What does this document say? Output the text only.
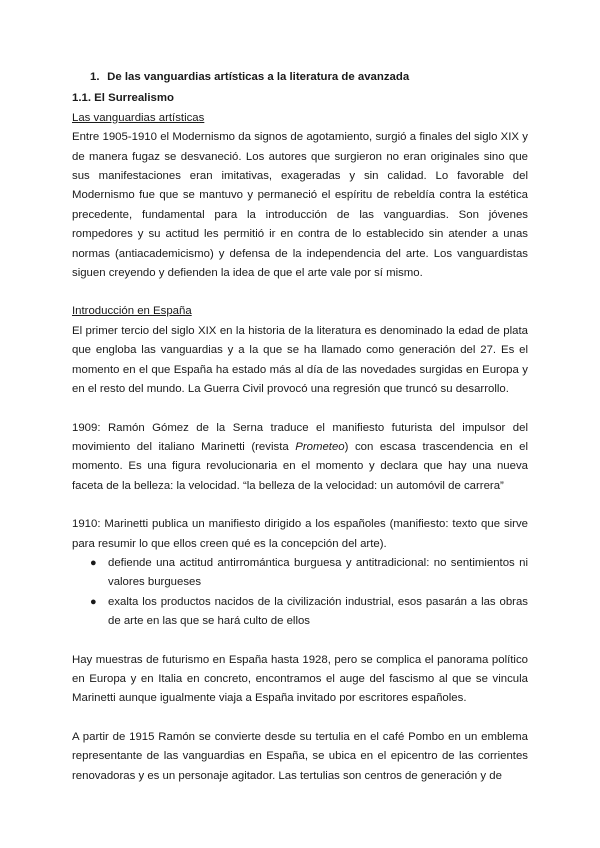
1. De las vanguardias artísticas a la literatura de avanzada
1.1. El Surrealismo
Las vanguardias artísticas

Entre 1905-1910 el Modernismo da signos de agotamiento, surgió a finales del siglo XIX y de manera fugaz se desvaneció. Los autores que surgieron no eran originales sino que sus manifestaciones eran imitativas, exageradas y sin calidad. Lo favorable del Modernismo fue que se mantuvo y permaneció el espíritu de rebeldía contra la estética precedente, fundamental para la introducción de las vanguardias. Son jóvenes rompedores y su actitud les permitió ir en contra de lo establecido sin atender a unas normas (antiacademicismo) y defensa de la independencia del arte. Los vanguardistas siguen creyendo y defienden la idea de que el arte vale por sí mismo.

Introducción en España

El primer tercio del siglo XIX en la historia de la literatura es denominado la edad de plata que engloba las vanguardias y a la que se ha llamado como generación del 27. Es el momento en el que España ha estado más al día de las novedades surgidas en Europa y en el resto del mundo. La Guerra Civil provocó una regresión que truncó su desarrollo.

1909: Ramón Gómez de la Serna traduce el manifiesto futurista del impulsor del movimiento del italiano Marinetti (revista Prometeo) con escasa trascendencia en el momento. Es una figura revolucionaria en el momento y declara que hay una nueva faceta de la belleza: la velocidad. “la belleza de la velocidad: un automóvil de carrera”

1910: Marinetti publica un manifiesto dirigido a los españoles (manifiesto: texto que sirve para resumir lo que ellos creen qué es la concepción del arte).

● defiende una actitud antirromántica burguesa y antitradicional: no sentimientos ni valores burgueses
● exalta los productos nacidos de la civilización industrial, esos pasarán a las obras de arte en las que se hará culto de ellos

Hay muestras de futurismo en España hasta 1928, pero se complica el panorama político en Europa y en Italia en concreto, encontramos el auge del fascismo al que se vincula Marinetti aunque igualmente viaja a España invitado por escritores españoles.

A partir de 1915 Ramón se convierte desde su tertulia en el café Pombo en un emblema representante de las vanguardias en España, se ubica en el epicentro de las corrientes renovadoras y es un personaje agitador. Las tertulias son centros de generación y de
